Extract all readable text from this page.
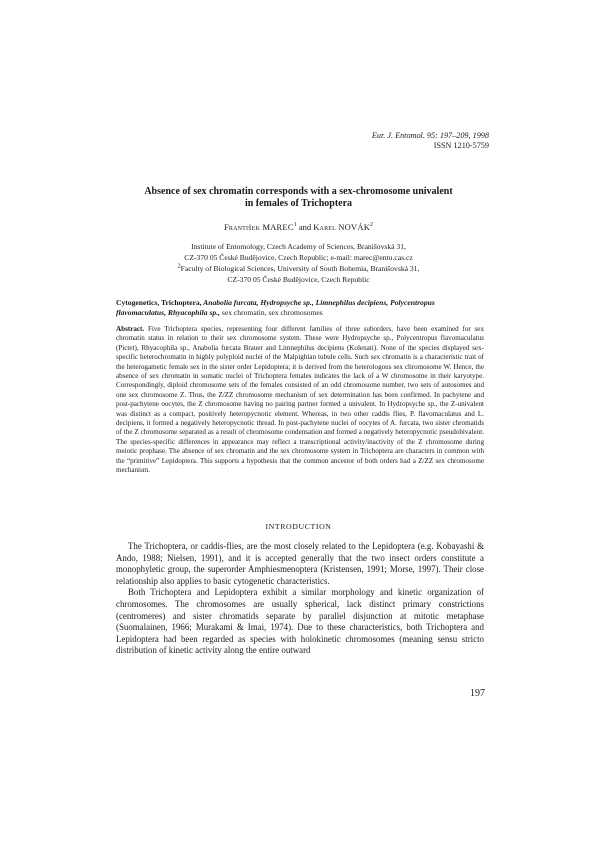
Eur. J. Entomol. 95: 197–209, 1998
ISSN 1210-5759
Absence of sex chromatin corresponds with a sex-chromosome univalent
in females of Trichoptera
František MAREC$^1$ and Karel NOVÁK$^2$

Institute of Entomology, Czech Academy of Sciences, Branišovská 31,

CZ-370 05 České Budějovice, Czech Republic; e-mail: marec@entu.cas.cz

$^2$Faculty of Biological Sciences, University of South Bohemia, Branišovská 31,

CZ-370 05 České Budějovice, Czech Republic

Cytogenetics, Trichoptera, Anabolia furcata, Hydropsyche sp., Limnephilus decipiens, Polycentropus flavomaculatus, Rhyacophila sp., sex chromatin, sex chromosomes
Abstract. Five Trichoptera species, representing four different families of three suborders, have been examined for sex chromatin status in relation to their sex chromosome system. These were Hydropsyche sp., Polycentropus flavomaculatus (Pictet), Rhyacophila sp., Anabolia furcata Brauer and Limnephilus decipiens (Kolenati). None of the species displayed sex-specific heterochromatin in highly polyploid nuclei of the Malpighian tubule cells. Such sex chromatin is a characteristic trait of the heterogametic female sex in the sister order Lepidoptera; it is derived from the heterologous sex chromosome W. Hence, the absence of sex chromatin in somatic nuclei of Trichoptera females indicates the lack of a W chromosome in their karyotype. Correspondingly, diploid chromosome sets of the females consisted of an odd chromosome number, two sets of autosomes and one sex chromosome Z. Thus, the Z/ZZ chromosome mechanism of sex determination has been confirmed. In pachytene and post-pachytene oocytes, the Z chromosome having no pairing partner formed a univalent. In Hydropsyche sp., the Z-univalent was distinct as a compact, positively heteropycnotic element. Whereas, in two other caddis flies, P. flavomaculatus and L. decipiens, it formed a negatively heteropycnotic thread. In post-pachytene nuclei of oocytes of A. furcata, two sister chromatids of the Z chromosome separated as a result of chromosome condensation and formed a negatively heteropycnotic pseudobivalent. The species-specific differences in appearance may reflect a transcriptional activity/inactivity of the Z chromosome during meiotic prophase. The absence of sex chromatin and the sex chromosome system in Trichoptera are characters in common with the “primitive” Lepidoptera. This supports a hypothesis that the common ancestor of both orders had a Z/ZZ sex chromosome mechanism.
INTRODUCTION

The Trichoptera, or caddis-flies, are the most closely related to the Lepidoptera (e.g. Kobayashi & Ando, 1988; Nielsen, 1991), and it is accepted generally that the two insect orders constitute a monophyletic group, the superorder Amphiesmenoptera (Kristensen, 1991; Morse, 1997). Their close relationship also applies to basic cytogenetic characteristics.

Both Trichoptera and Lepidoptera exhibit a similar morphology and kinetic organization of chromosomes. The chromosomes are usually spherical, lack distinct primary constrictions (centromeres) and sister chromatids separate by parallel disjunction at mitotic metaphase (Suomalainen, 1966; Murakami & Imai, 1974). Due to these characteristics, both Trichoptera and Lepidoptera had been regarded as species with holokinetic chromosomes (meaning sensu stricto distribution of kinetic activity along the entire outward

197
